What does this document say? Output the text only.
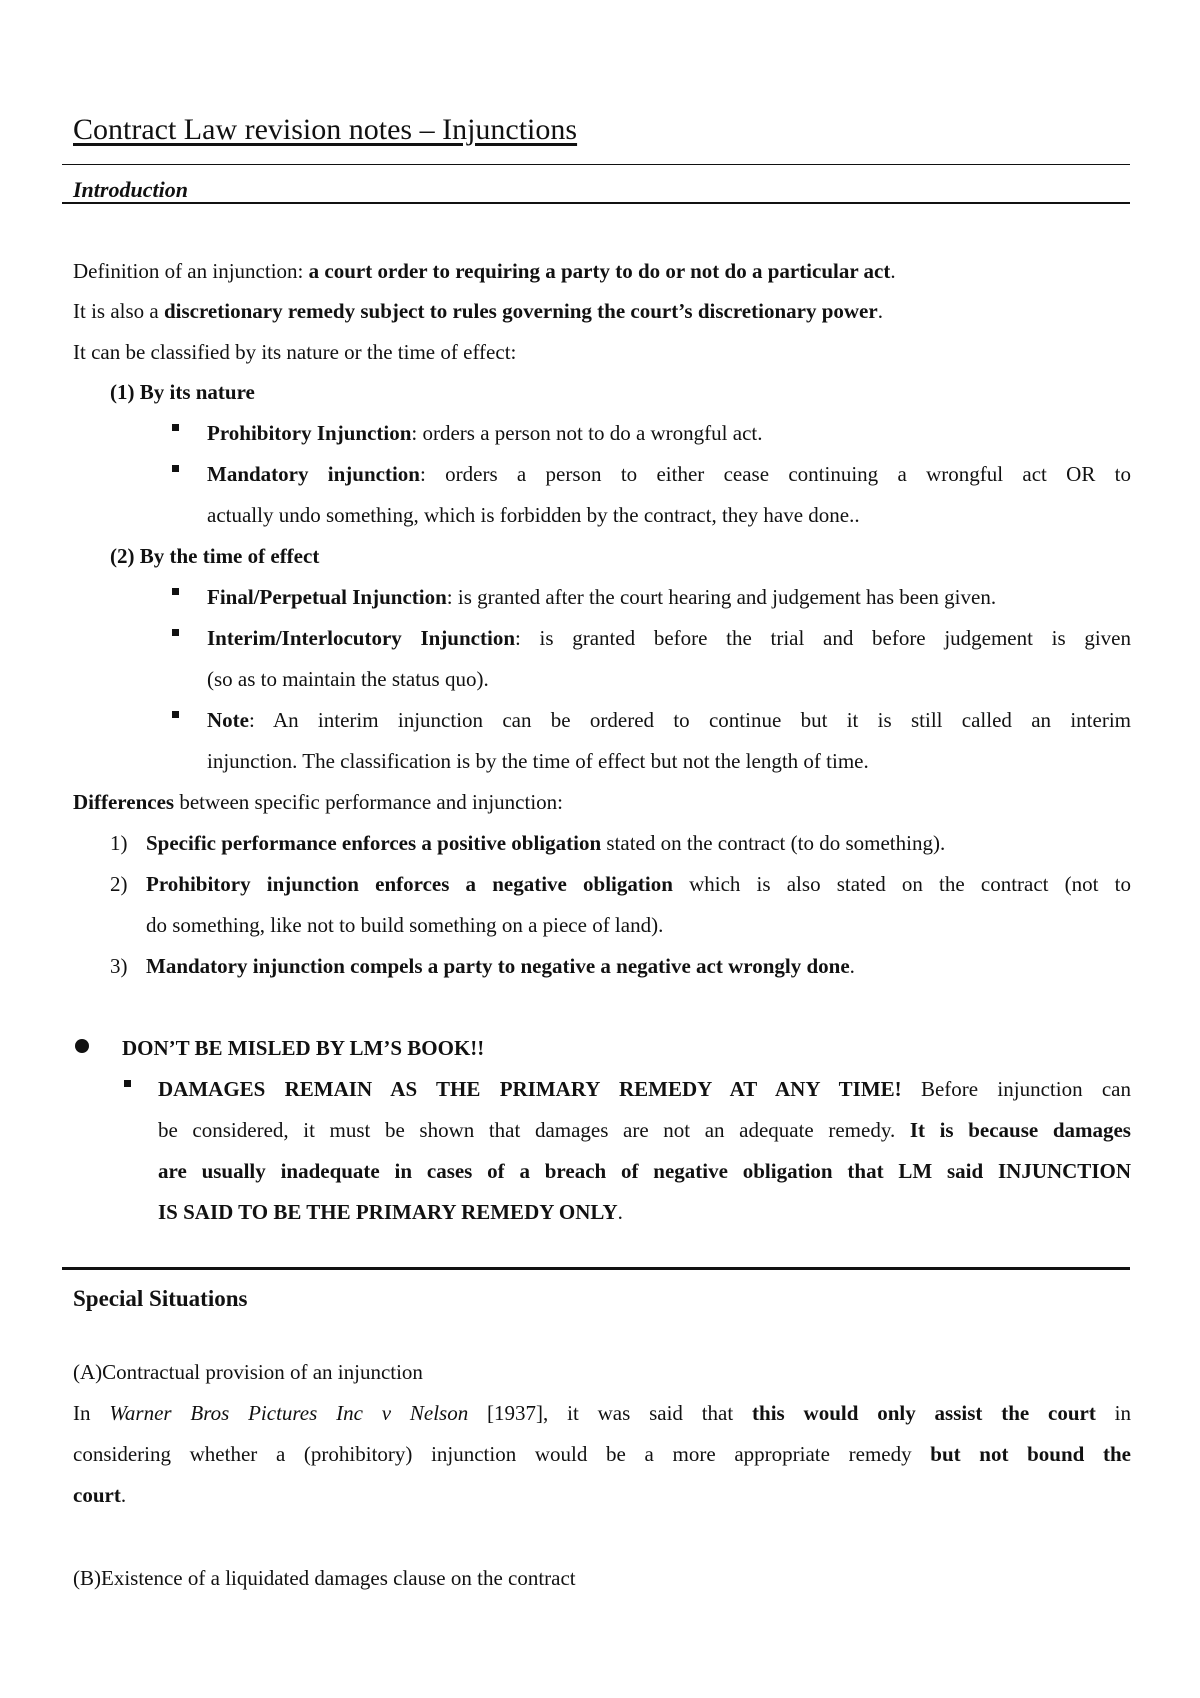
Contract Law revision notes – Injunctions
Introduction
Definition of an injunction: a court order to requiring a party to do or not do a particular act.
It is also a discretionary remedy subject to rules governing the court’s discretionary power.
It can be classified by its nature or the time of effect:
(1) By its nature
Prohibitory Injunction: orders a person not to do a wrongful act.
Mandatory injunction: orders a person to either cease continuing a wrongful act OR to
actually undo something, which is forbidden by the contract, they have done..
(2) By the time of effect
Final/Perpetual Injunction: is granted after the court hearing and judgement has been given.
Interim/Interlocutory Injunction: is granted before the trial and before judgement is given
(so as to maintain the status quo).
Note: An interim injunction can be ordered to continue but it is still called an interim
injunction. The classification is by the time of effect but not the length of time.
Differences between specific performance and injunction:
1) Specific performance enforces a positive obligation stated on the contract (to do something).
2) Prohibitory injunction enforces a negative obligation which is also stated on the contract (not to
do something, like not to build something on a piece of land).
3) Mandatory injunction compels a party to negative a negative act wrongly done.
DON’T BE MISLED BY LM’S BOOK!!
DAMAGES REMAIN AS THE PRIMARY REMEDY AT ANY TIME! Before injunction can
be considered, it must be shown that damages are not an adequate remedy. It is because damages
are usually inadequate in cases of a breach of negative obligation that LM said INJUNCTION
IS SAID TO BE THE PRIMARY REMEDY ONLY.
Special Situations
(A)Contractual provision of an injunction
In Warner Bros Pictures Inc v Nelson [1937], it was said that this would only assist the court in
considering whether a (prohibitory) injunction would be a more appropriate remedy but not bound the
court.
(B)Existence of a liquidated damages clause on the contract
